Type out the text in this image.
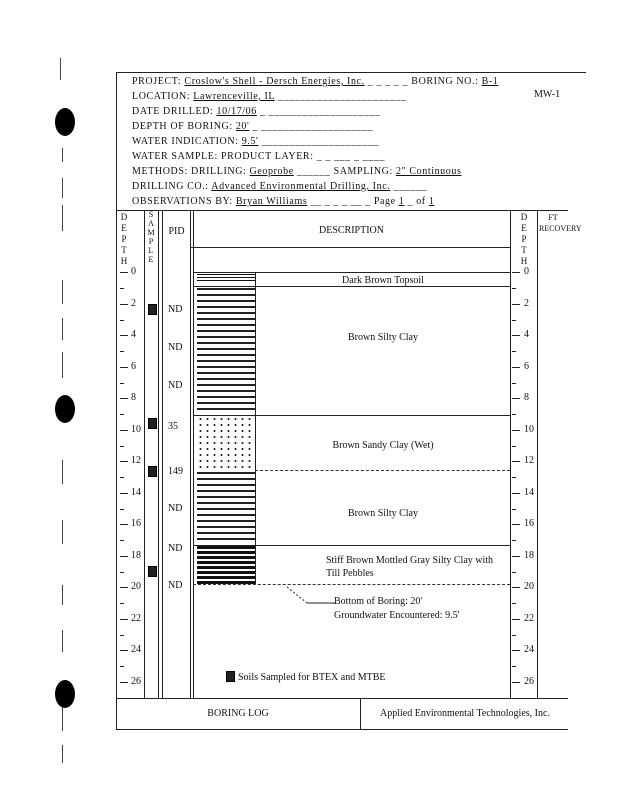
PROJECT: Croslow's Shell - Dersch Energies, Inc. _ _ _ _ _ BORING NO.: B-1
MW-1
LOCATION: Lawrenceville, IL _______________________
DATE DRILLED: 10/17/06 _ ____________________
DEPTH OF BORING: 20' _ ____________________
WATER INDICATION: 9.5' _____________________
WATER SAMPLE: PRODUCT LAYER: _ _ ___ _ ____
METHODS: DRILLING: Geoprobe ______ SAMPLING: 2" Continuous
DRILLING CO.: Advanced Environmental Drilling, Inc. ______
OBSERVATIONS BY: Bryan Williams __ _ _ _ __ _ Page 1 _ of 1
DEPTH
SAMPLE
PID	DESCRIPTION
DEPTH
FT RECOVERY
0
2
4
6
8
10
12
14
16
18
20
22
24
26
0
2
4
6
8
10
12
14
16
18
20
22
24
26
ND
ND
ND
35
149
ND
ND
ND
Dark Brown Topsoil
Brown Silty Clay
Brown Sandy Clay (Wet)
Brown Silty Clay
Stiff Brown Mottled Gray Silty Clay with Till Pebbles
Bottom of Boring: 20'
Groundwater Encountered: 9.5'
Soils Sampled for BTEX and MTBE
BORING LOG	Applied Environmental Technologies, Inc.
